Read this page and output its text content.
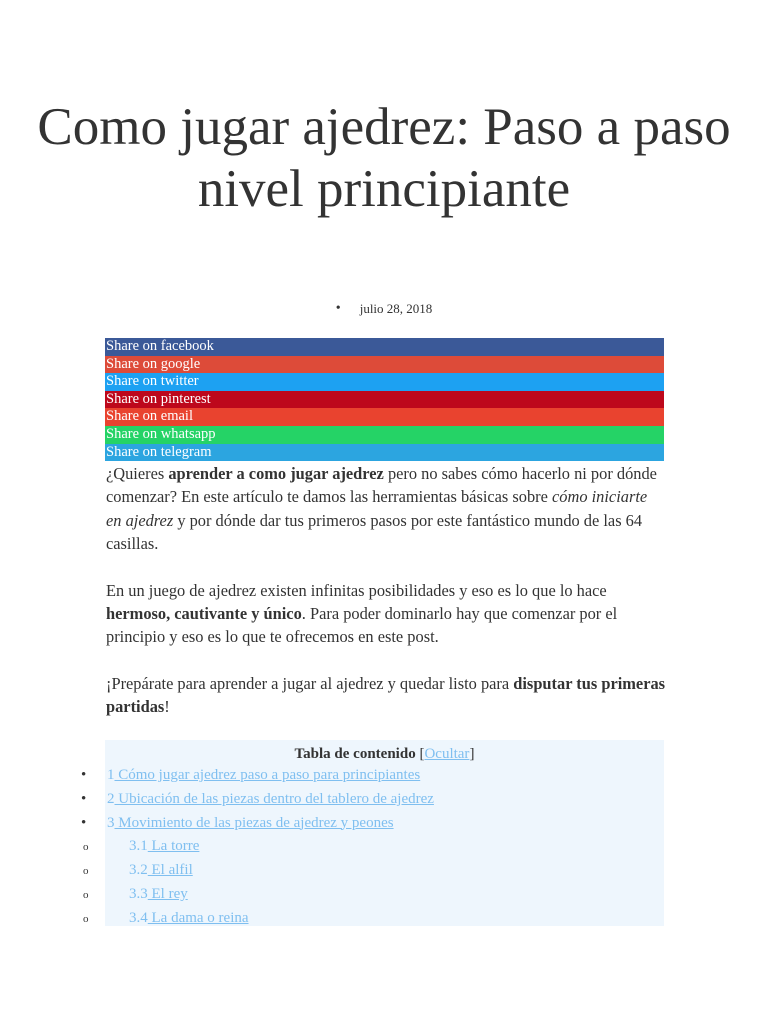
Como jugar ajedrez: Paso a paso nivel principiante
• julio 28, 2018
Share on facebook
Share on google
Share on twitter
Share on pinterest
Share on email
Share on whatsapp
Share on telegram

¿Quieres aprender a como jugar ajedrez pero no sabes cómo hacerlo ni por dónde comenzar? En este artículo te damos las herramientas básicas sobre cómo iniciarte en ajedrez y por dónde dar tus primeros pasos por este fantástico mundo de las 64 casillas.

En un juego de ajedrez existen infinitas posibilidades y eso es lo que lo hace hermoso, cautivante y único. Para poder dominarlo hay que comenzar por el principio y eso es lo que te ofrecemos en este post.

¡Prepárate para aprender a jugar al ajedrez y quedar listo para disputar tus primeras partidas!

Tabla de contenido [Ocultar]
• 1 Cómo jugar ajedrez paso a paso para principiantes
• 2 Ubicación de las piezas dentro del tablero de ajedrez
• 3 Movimiento de las piezas de ajedrez y peones
o	3.1 La torre
o	3.2 El alfil
o	3.3 El rey
o	3.4 La dama o reina
